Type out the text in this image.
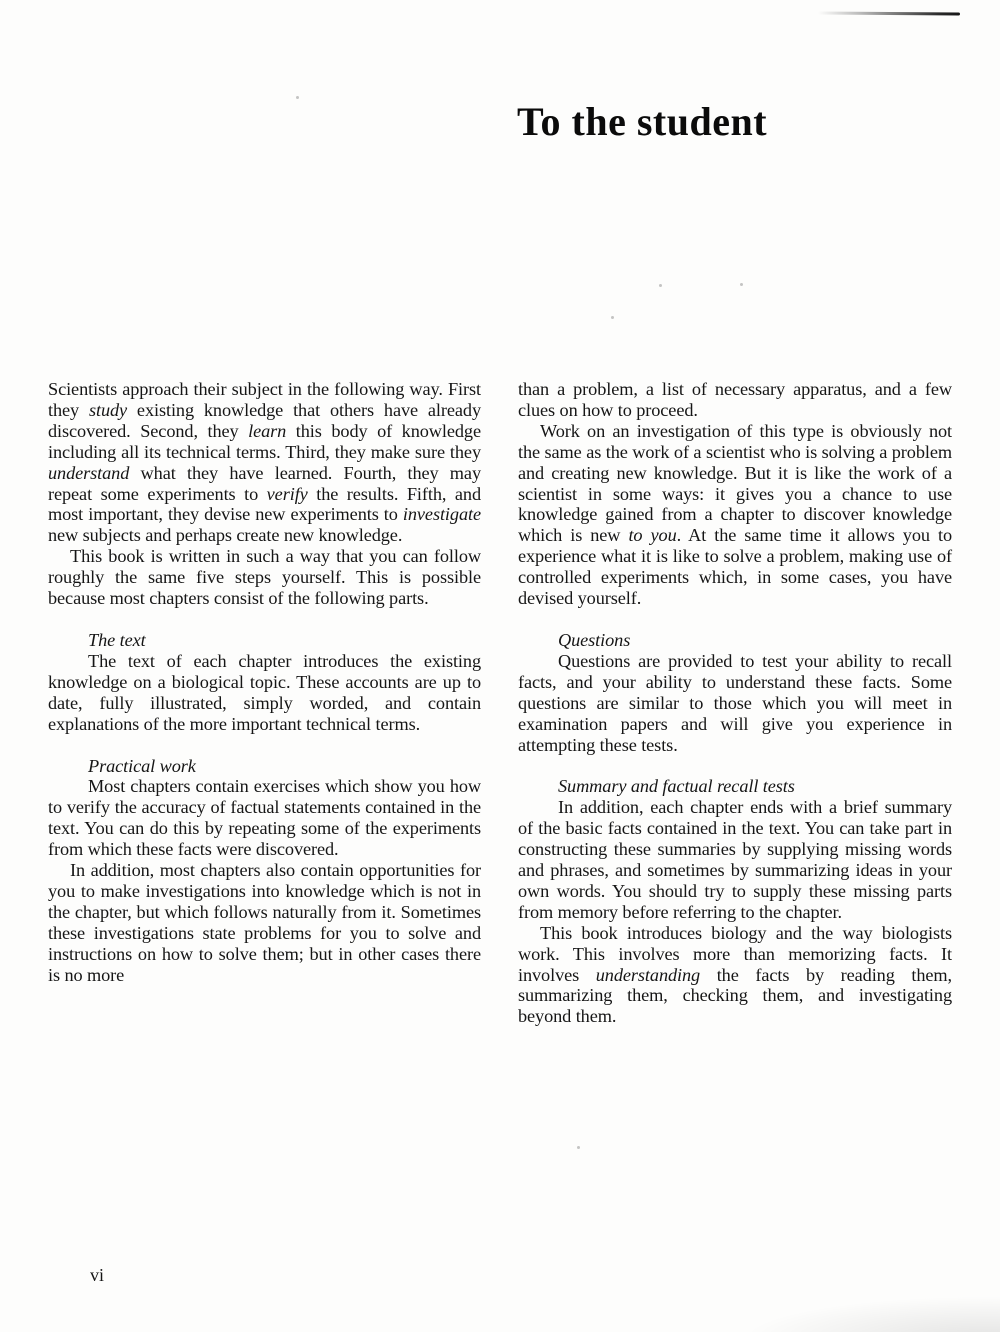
To the student

Scientists approach their subject in the following way. First they study existing knowledge that others have already discovered. Second, they learn this body of knowledge including all its technical terms. Third, they make sure they understand what they have learned. Fourth, they may repeat some experiments to verify the results. Fifth, and most important, they devise new experiments to investigate new subjects and perhaps create new knowledge.

This book is written in such a way that you can follow roughly the same five steps yourself. This is possible because most chapters consist of the following parts.

The text

The text of each chapter introduces the existing knowledge on a biological topic. These accounts are up to date, fully illustrated, simply worded, and contain explanations of the more important technical terms.

Practical work

Most chapters contain exercises which show you how to verify the accuracy of factual statements contained in the text. You can do this by repeating some of the experiments from which these facts were discovered.

In addition, most chapters also contain opportunities for you to make investigations into knowledge which is not in the chapter, but which follows naturally from it. Sometimes these investigations state problems for you to solve and instructions on how to solve them; but in other cases there is no more

than a problem, a list of necessary apparatus, and a few clues on how to proceed.

Work on an investigation of this type is obviously not the same as the work of a scientist who is solving a problem and creating new knowledge. But it is like the work of a scientist in some ways: it gives you a chance to use knowledge gained from a chapter to discover knowledge which is new to you. At the same time it allows you to experience what it is like to solve a problem, making use of controlled experiments which, in some cases, you have devised yourself.

Questions

Questions are provided to test your ability to recall facts, and your ability to understand these facts. Some questions are similar to those which you will meet in examination papers and will give you experience in attempting these tests.

Summary and factual recall tests

In addition, each chapter ends with a brief summary of the basic facts contained in the text. You can take part in constructing these summaries by supplying missing words and phrases, and sometimes by summarizing ideas in your own words. You should try to supply these missing parts from memory before referring to the chapter.

This book introduces biology and the way biologists work. This involves more than memorizing facts. It involves understanding the facts by reading them, summarizing them, checking them, and investigating beyond them.

vi
